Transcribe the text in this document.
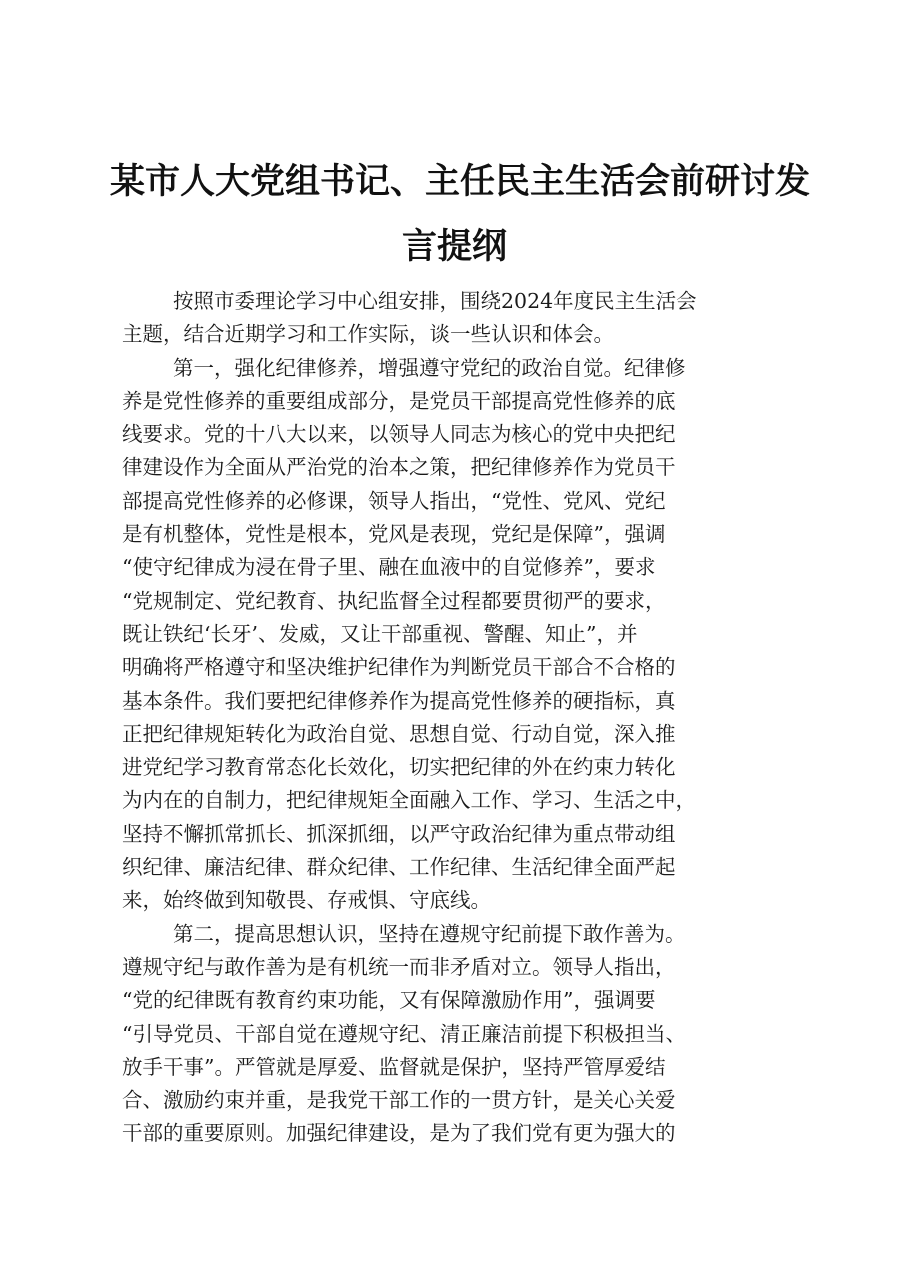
某市人大党组书记、主任民主生活会前研讨发
言提纲
按照市委理论学习中心组安排，围绕2024年度民主生活会
主题，结合近期学习和工作实际，谈一些认识和体会。
第一，强化纪律修养，增强遵守党纪的政治自觉。纪律修
养是党性修养的重要组成部分，是党员干部提高党性修养的底
线要求。党的十八大以来，以领导人同志为核心的党中央把纪
律建设作为全面从严治党的治本之策，把纪律修养作为党员干
部提高党性修养的必修课，领导人指出，“党性、党风、党纪
是有机整体，党性是根本，党风是表现，党纪是保障”，强调
“使守纪律成为浸在骨子里、融在血液中的自觉修养”，要求
“党规制定、党纪教育、执纪监督全过程都要贯彻严的要求，
既让铁纪‘长牙’、发威，又让干部重视、警醒、知止”，并
明确将严格遵守和坚决维护纪律作为判断党员干部合不合格的
基本条件。我们要把纪律修养作为提高党性修养的硬指标，真
正把纪律规矩转化为政治自觉、思想自觉、行动自觉，深入推
进党纪学习教育常态化长效化，切实把纪律的外在约束力转化
为内在的自制力，把纪律规矩全面融入工作、学习、生活之中，
坚持不懈抓常抓长、抓深抓细，以严守政治纪律为重点带动组
织纪律、廉洁纪律、群众纪律、工作纪律、生活纪律全面严起
来，始终做到知敬畏、存戒惧、守底线。
第二，提高思想认识，坚持在遵规守纪前提下敢作善为。
遵规守纪与敢作善为是有机统一而非矛盾对立。领导人指出，
“党的纪律既有教育约束功能，又有保障激励作用”，强调要
“引导党员、干部自觉在遵规守纪、清正廉洁前提下积极担当、
放手干事”。严管就是厚爱、监督就是保护，坚持严管厚爱结
合、激励约束并重，是我党干部工作的一贯方针，是关心关爱
干部的重要原则。加强纪律建设，是为了我们党有更为强大的
